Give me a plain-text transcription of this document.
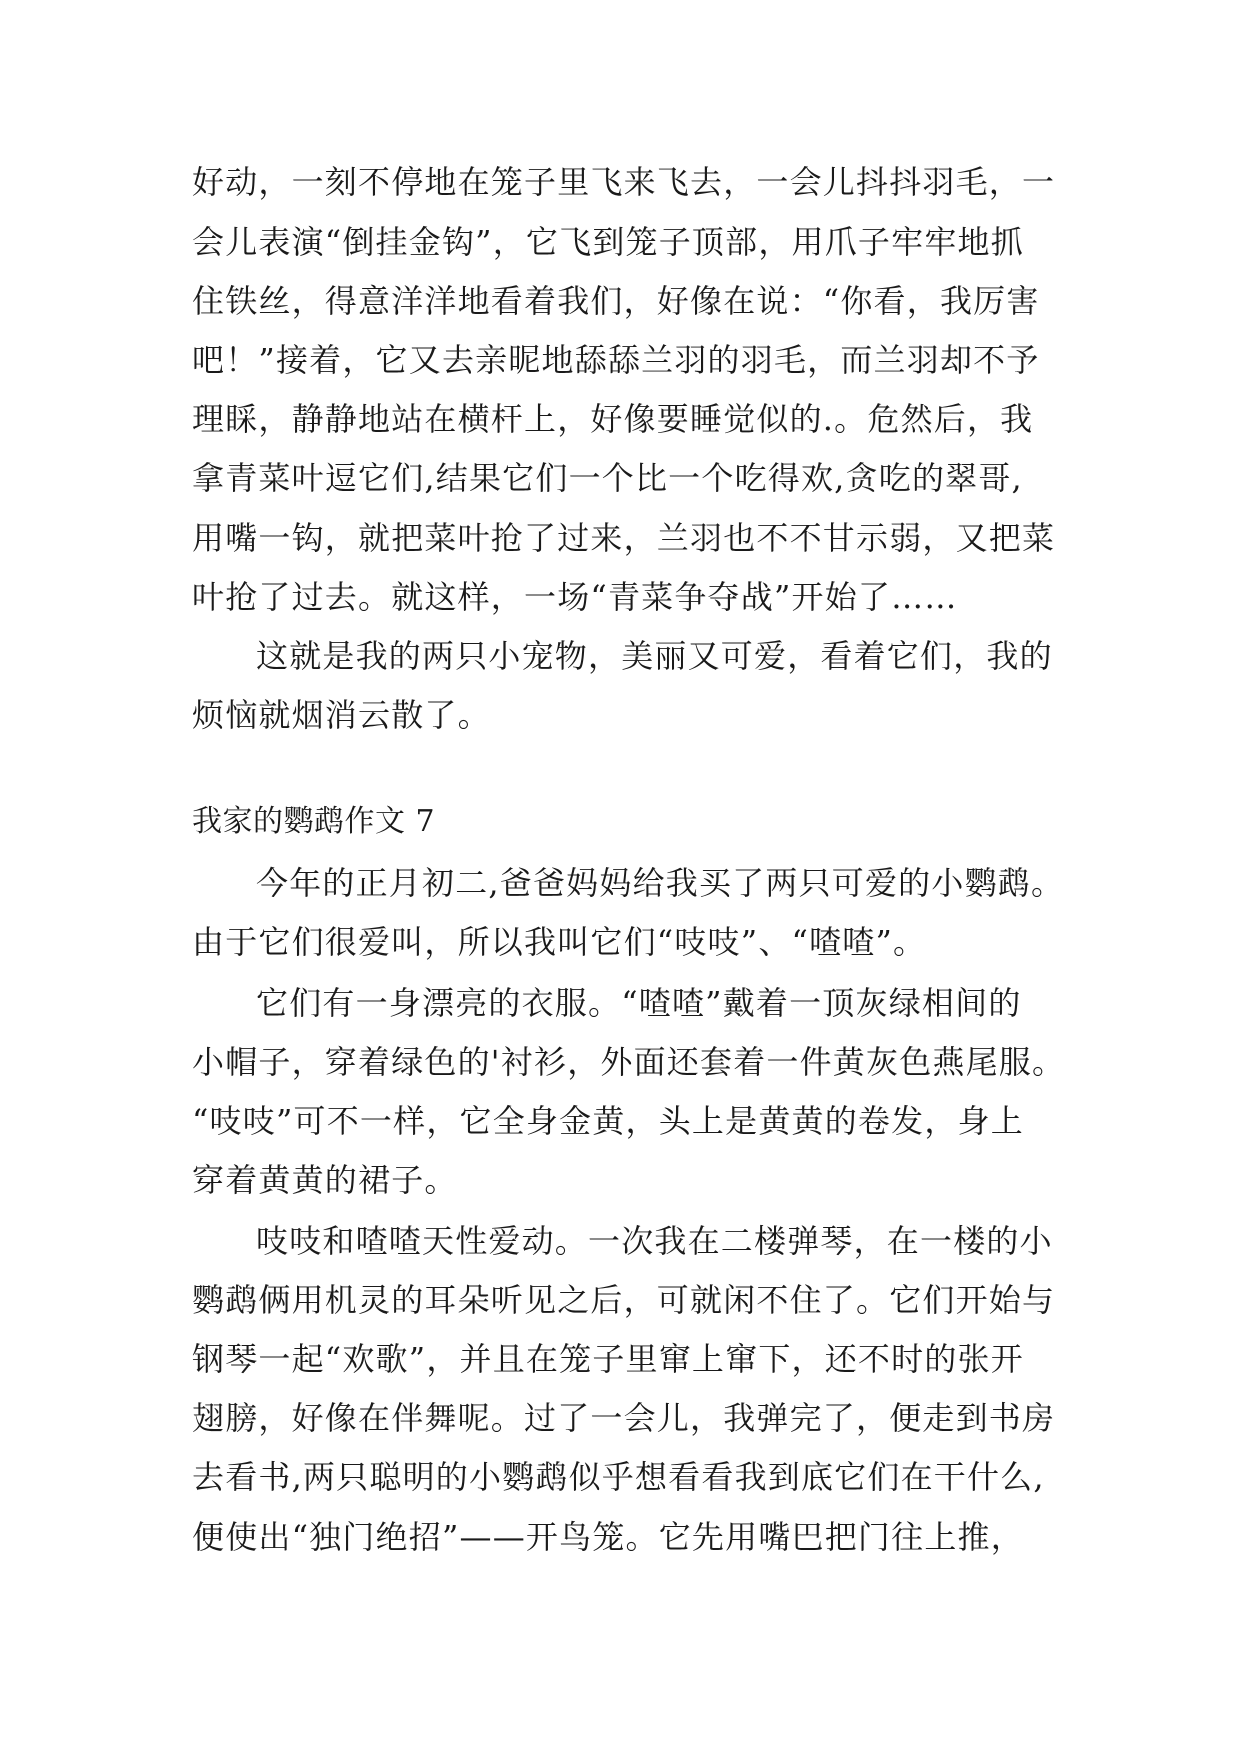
好动，一刻不停地在笼子里飞来飞去，一会儿抖抖羽毛，一
会儿表演“倒挂金钩”，它飞到笼子顶部，用爪子牢牢地抓
住铁丝，得意洋洋地看着我们，好像在说：“你看，我厉害
吧！”接着，它又去亲昵地舔舔兰羽的羽毛，而兰羽却不予
理睬，静静地站在横杆上，好像要睡觉似的.。危然后，我
拿青菜叶逗它们,结果它们一个比一个吃得欢,贪吃的翠哥,
用嘴一钩，就把菜叶抢了过来，兰羽也不不甘示弱，又把菜
叶抢了过去。就这样，一场“青菜争夺战”开始了……
这就是我的两只小宠物，美丽又可爱，看着它们，我的
烦恼就烟消云散了。
我家的鹦鹉作文 7
今年的正月初二,爸爸妈妈给我买了两只可爱的小鹦鹉。
由于它们很爱叫，所以我叫它们“吱吱”、“喳喳”。
它们有一身漂亮的衣服。“喳喳”戴着一顶灰绿相间的
小帽子，穿着绿色的'衬衫，外面还套着一件黄灰色燕尾服。
“吱吱”可不一样，它全身金黄，头上是黄黄的卷发，身上
穿着黄黄的裙子。
吱吱和喳喳天性爱动。一次我在二楼弹琴，在一楼的小
鹦鹉俩用机灵的耳朵听见之后，可就闲不住了。它们开始与
钢琴一起“欢歌”，并且在笼子里窜上窜下，还不时的张开
翅膀，好像在伴舞呢。过了一会儿，我弹完了，便走到书房
去看书,两只聪明的小鹦鹉似乎想看看我到底它们在干什么,
便使出“独门绝招”——开鸟笼。它先用嘴巴把门往上推，
